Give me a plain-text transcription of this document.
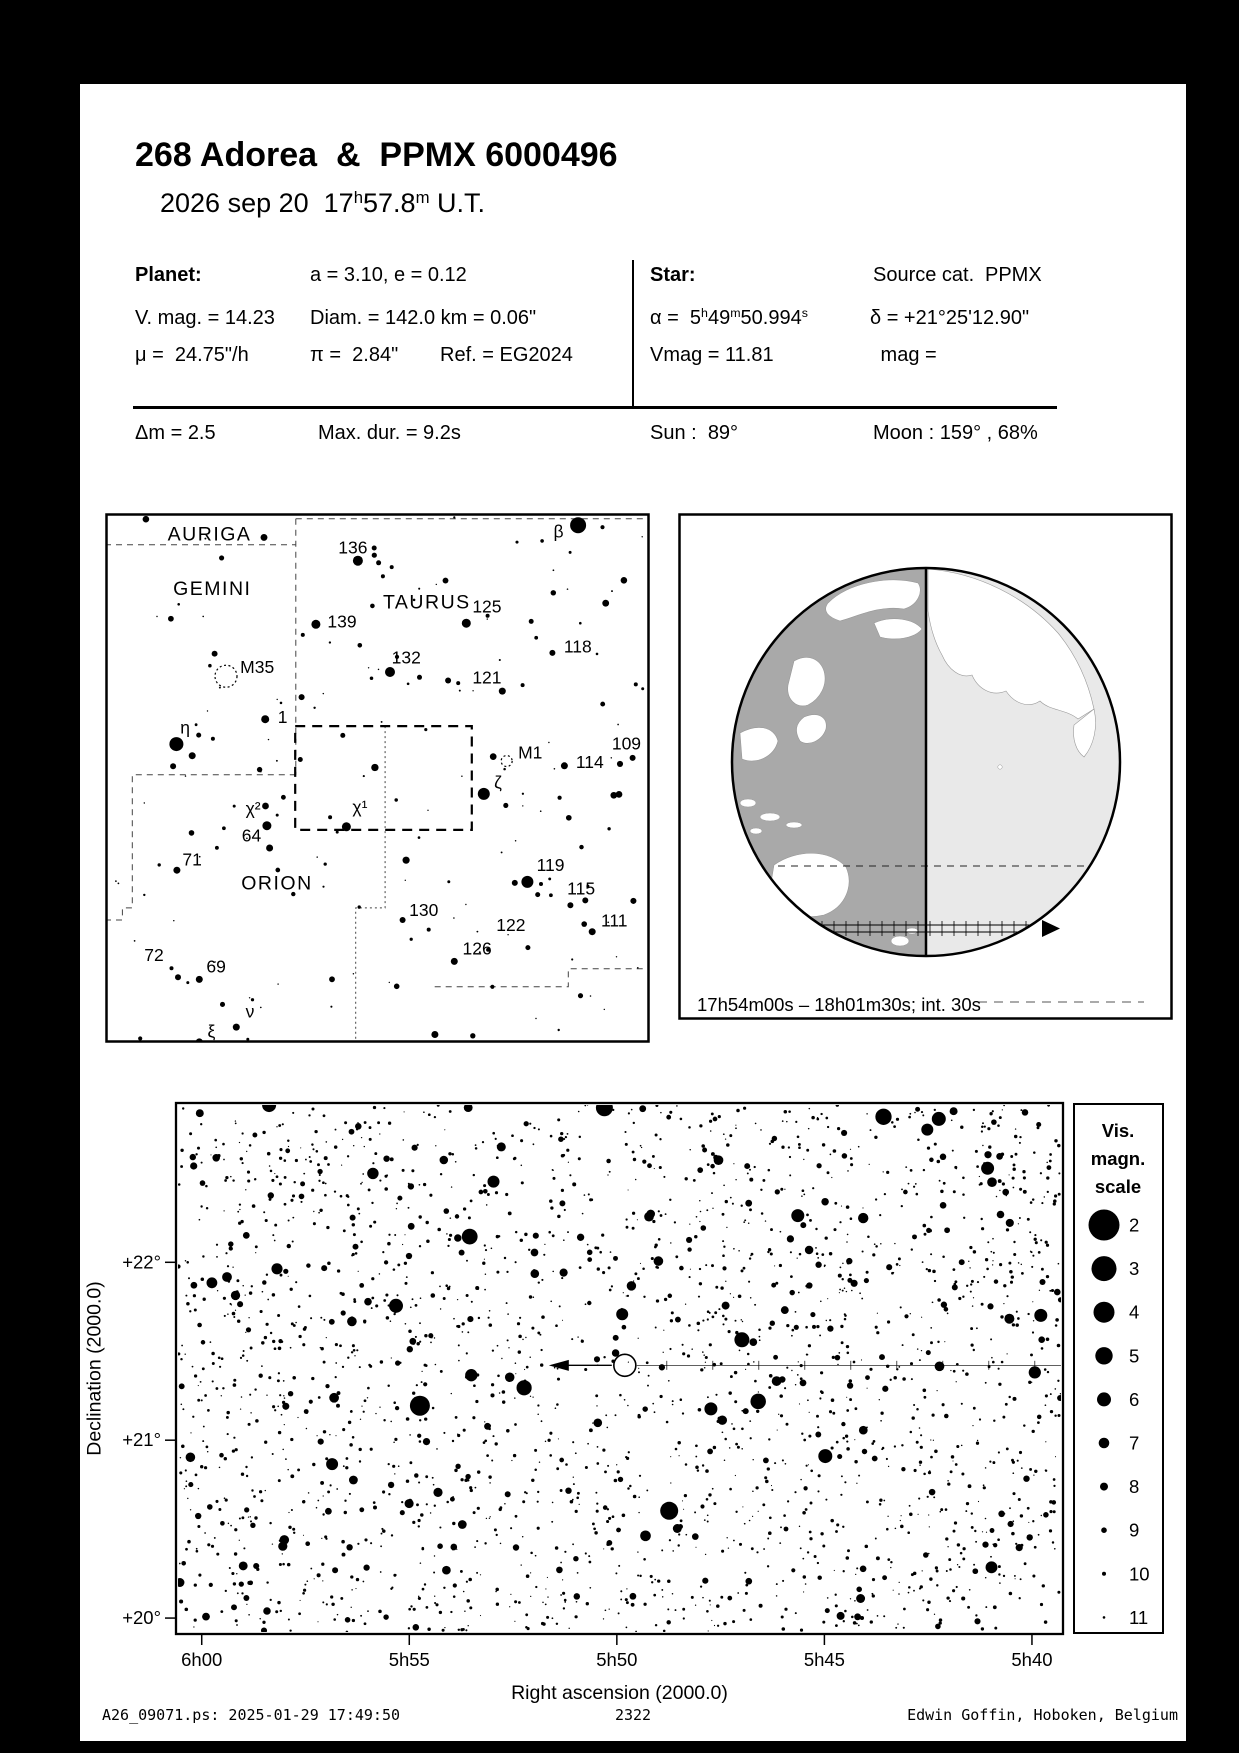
268 Adorea  &  PPMX 6000496
2026 sep 20 17$^h$57.8$^m$ U.T.
Planet:	a = 3.10, e = 0.12	Star:	Source cat. PPMX
V. mag. = 14.23 Diam. = 142.0 km = 0.06"	α =  5$^h$49$^m$50.994$^s$	δ = +21°25'12.90"
μ =  24.75"/h	π =  2.84" Ref. = EG2024	Vmag = 11.81	mag =
Δm = 2.5	Max. dur. = 9.2s	Sun :  89°	Moon : 159° , 68%
β
136
139
125
118
132
121
1
η
ζ
114
109
χ²
64
χ¹
71	119
115
130
122	111
126
72
69
ν
ξ
M35
M1
AURIGA
GEMINI
TAURUS
ORION
17h54m00s – 18h01m30s; int. 30s
6h00	5h55	5h50	5h45	5h40
+22°
+21°
+20°
Vis.
magn.
scale
2
3
4
5
6
7
8
9
10
11
Declination (2000.0)
Right ascension (2000.0)
A26_09071.ps: 2025-01-29 17:49:50	2322	Edwin Goffin, Hoboken, Belgium
